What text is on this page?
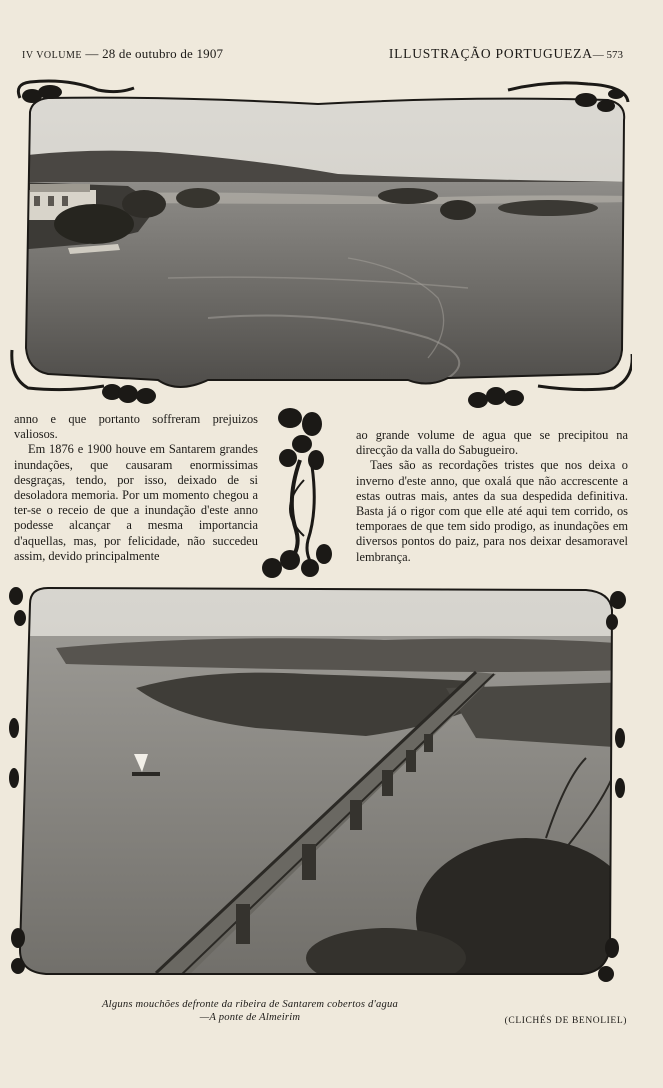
IV VOLUME — 28 de outubro de 1907	ILLUSTRAÇÃO PORTUGUEZA— 573

anno e que portanto soffreram prejuizos valiosos.

Em 1876 e 1900 houve em Santarem grandes inundações, que causaram enormissimas desgraças, tendo, por isso, deixado de si desoladora memoria. Por um momento chegou a ter-se o receio de que a inundação d'este anno podesse alcançar a mesma importancia d'aquellas, mas, por felicidade, não succedeu assim, devido principalmente

ao grande volume de agua que se precipitou na direcção da valla do Sabugueiro.

Taes são as recordações tristes que nos deixa o inverno d'este anno, que oxalá que não accrescente a estas outras mais, antes da sua despedida definitiva. Basta já o rigor com que elle até aqui tem corrido, os temporaes de que tem sido prodigo, as inundações em diversos pontos do paiz, para nos deixar desamoravel lembrança.

Alguns mouchões defronte da ribeira de Santarem cobertos d'agua
—A ponte de Almeirim	(CLICHÉS DE BENOLIEL)
